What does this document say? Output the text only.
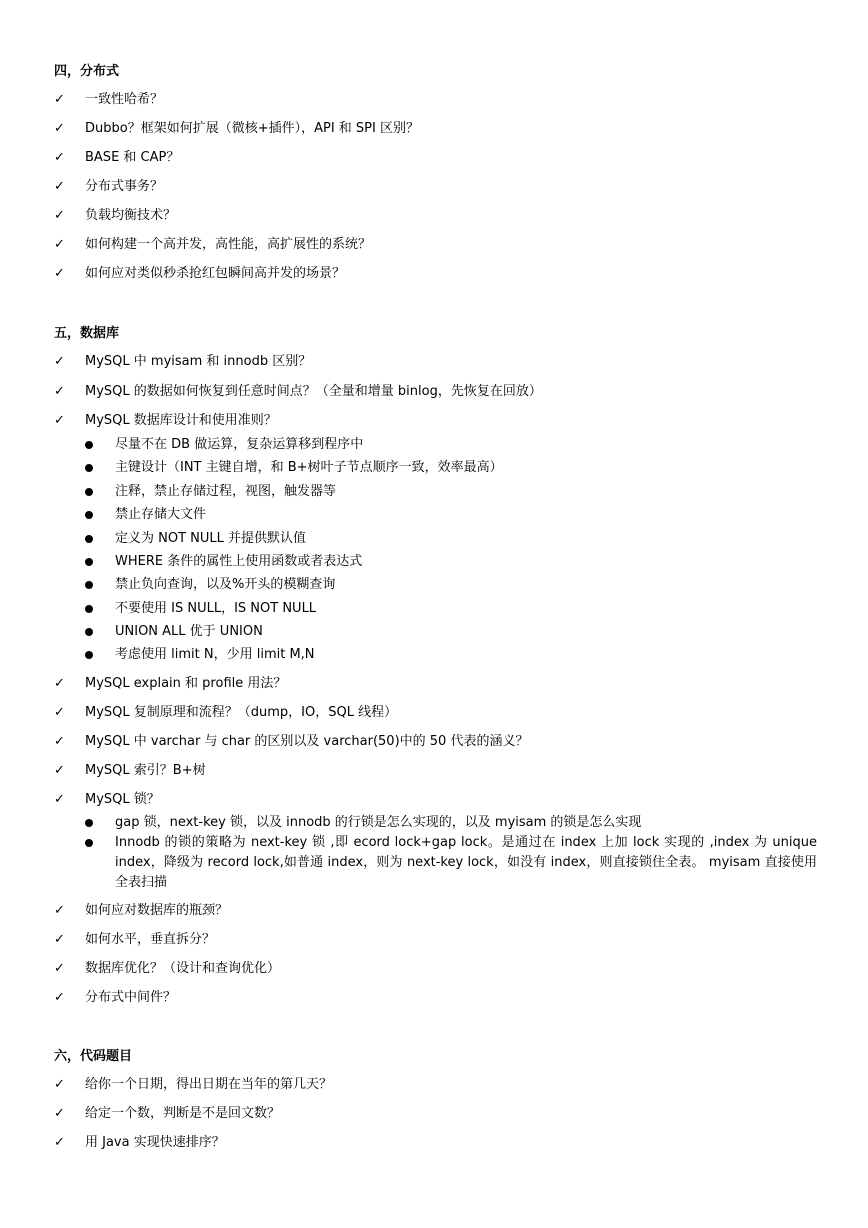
四，分布式
✓ 一致性哈希？
✓ Dubbo？框架如何扩展（微核+插件），API 和 SPI 区别？
✓ BASE 和 CAP？
✓ 分布式事务？
✓ 负载均衡技术？
✓ 如何构建一个高并发，高性能，高扩展性的系统？
✓ 如何应对类似秒杀抢红包瞬间高并发的场景？
五，数据库
✓ MySQL 中 myisam 和 innodb 区别？
✓ MySQL 的数据如何恢复到任意时间点？（全量和增量 binlog，先恢复在回放）
✓ MySQL 数据库设计和使用准则？
尽量不在 DB 做运算，复杂运算移到程序中
主键设计（INT 主键自增，和 B+树叶子节点顺序一致，效率最高）
注释，禁止存储过程，视图，触发器等
禁止存储大文件
定义为 NOT NULL 并提供默认值
WHERE 条件的属性上使用函数或者表达式
禁止负向查询，以及%开头的模糊查询
不要使用 IS NULL，IS NOT NULL
UNION ALL 优于 UNION
考虑使用 limit N，少用 limit M,N
✓ MySQL explain 和 profile 用法？
✓ MySQL 复制原理和流程？（dump，IO，SQL 线程）
✓ MySQL 中 varchar 与 char 的区别以及 varchar(50)中的 50 代表的涵义？
✓ MySQL 索引？B+树
✓ MySQL 锁？
gap 锁，next-key 锁，以及 innodb 的行锁是怎么实现的，以及 myisam 的锁是怎么实现
Innodb 的锁的策略为 next-key 锁 ,即 ecord lock+gap lock。是通过在 index 上加 lock 实现的 ,index 为 unique index，降级为 record lock,如普通 index，则为 next-key lock，如没有 index，则直接锁住全表。 myisam 直接使用全表扫描
✓ 如何应对数据库的瓶颈？
✓ 如何水平，垂直拆分？
✓ 数据库优化？（设计和查询优化）
✓ 分布式中间件？
六，代码题目
✓ 给你一个日期，得出日期在当年的第几天？
✓ 给定一个数，判断是不是回文数？
✓ 用 Java 实现快速排序？
